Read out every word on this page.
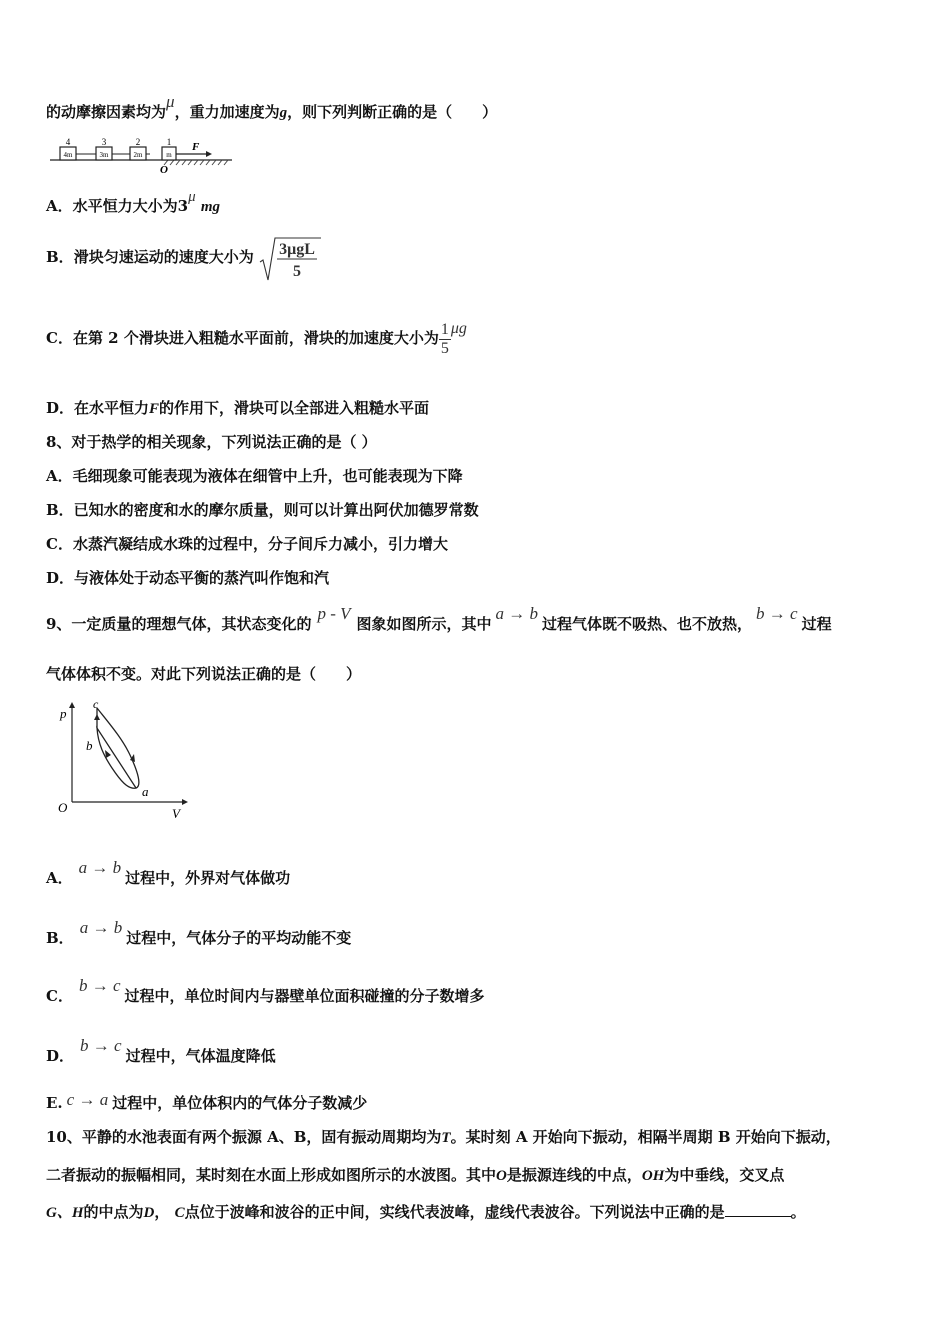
的动摩擦因素均为μ，重力加速度为g，则下列判断正确的是（　　）
4m	3m	2m	m
4	3	2	1 F
O
A．水平恒力大小为3μ mg
B．滑块匀速运动的速度大小为 3μgL
5
C．在第 2 个滑块进入粗糙水平面前，滑块的加速度大小为 $\frac{1}{5}$ μg
D．在水平恒力F的作用下，滑块可以全部进入粗糙水平面
8、对于热学的相关现象，下列说法正确的是（ ）
A．毛细现象可能表现为液体在细管中上升，也可能表现为下降
B．已知水的密度和水的摩尔质量，则可以计算出阿伏加德罗常数
C．水蒸汽凝结成水珠的过程中，分子间斥力减小，引力增大
D．与液体处于动态平衡的蒸汽叫作饱和汽
9、一定质量的理想气体，其状态变化的p - V图象如图所示，其中a → b过程气体既不吸热、也不放热，b → c过程
气体体积不变。对此下列说法正确的是（　　）
p
V
O
a
b
c
A．a → b过程中，外界对气体做功
B．a → b过程中，气体分子的平均动能不变
C．b → c过程中，单位时间内与器壁单位面积碰撞的分子数增多
D．b → c过程中，气体温度降低
E. c → a 过程中，单位体积内的气体分子数减少
10、平静的水池表面有两个振源 A、B，固有振动周期均为T。某时刻 A 开始向下振动，相隔半周期 B 开始向下振动，
二者振动的振幅相同，某时刻在水面上形成如图所示的水波图。其中O是振源连线的中点，OH为中垂线，交叉点
G、H的中点为D， C点位于波峰和波谷的正中间，实线代表波峰，虚线代表波谷。下列说法中正确的是	。
